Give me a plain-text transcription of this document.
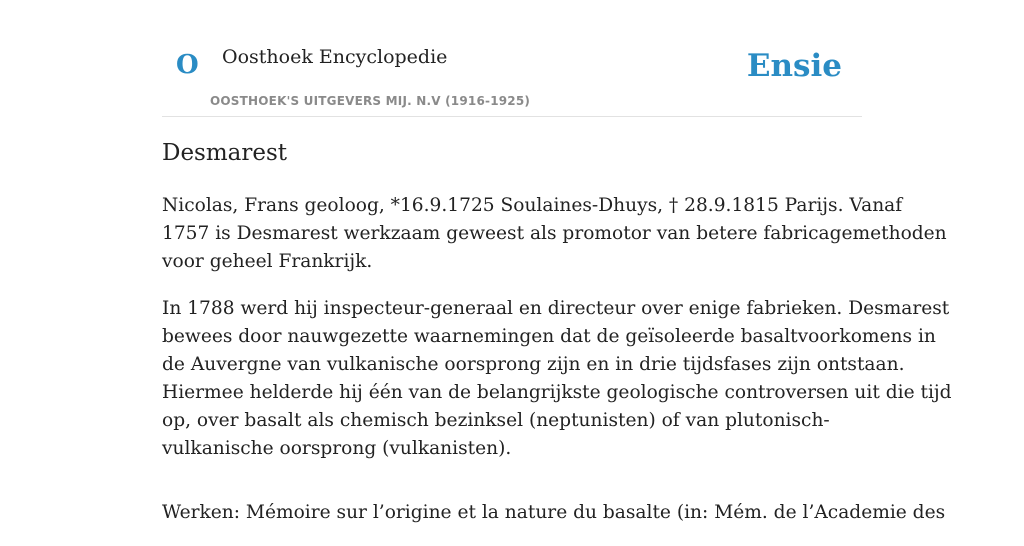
O Oosthoek Encyclopedie
OOSTHOEK'S UITGEVERS MIJ. N.V (1916-1925)
Ensie
Desmarest

Nicolas, Frans geoloog, *16.9.1725 Soulaines-Dhuys, † 28.9.1815 Parijs. Vanaf
1757 is Desmarest werkzaam geweest als promotor van betere fabricagemethoden
voor geheel Frankrijk.

In 1788 werd hij inspecteur-generaal en directeur over enige fabrieken. Desmarest
bewees door nauwgezette waarnemingen dat de geïsoleerde basaltvoorkomens in
de Auvergne van vulkanische oorsprong zijn en in drie tijdsfases zijn ontstaan.
Hiermee helderde hij één van de belangrijkste geologische controversen uit die tijd
op, over basalt als chemisch bezinksel (neptunisten) of van plutonisch-
vulkanische oorsprong (vulkanisten).

Werken: Mémoire sur l’origine et la nature du basalte (in: Mém. de l’Academie des
